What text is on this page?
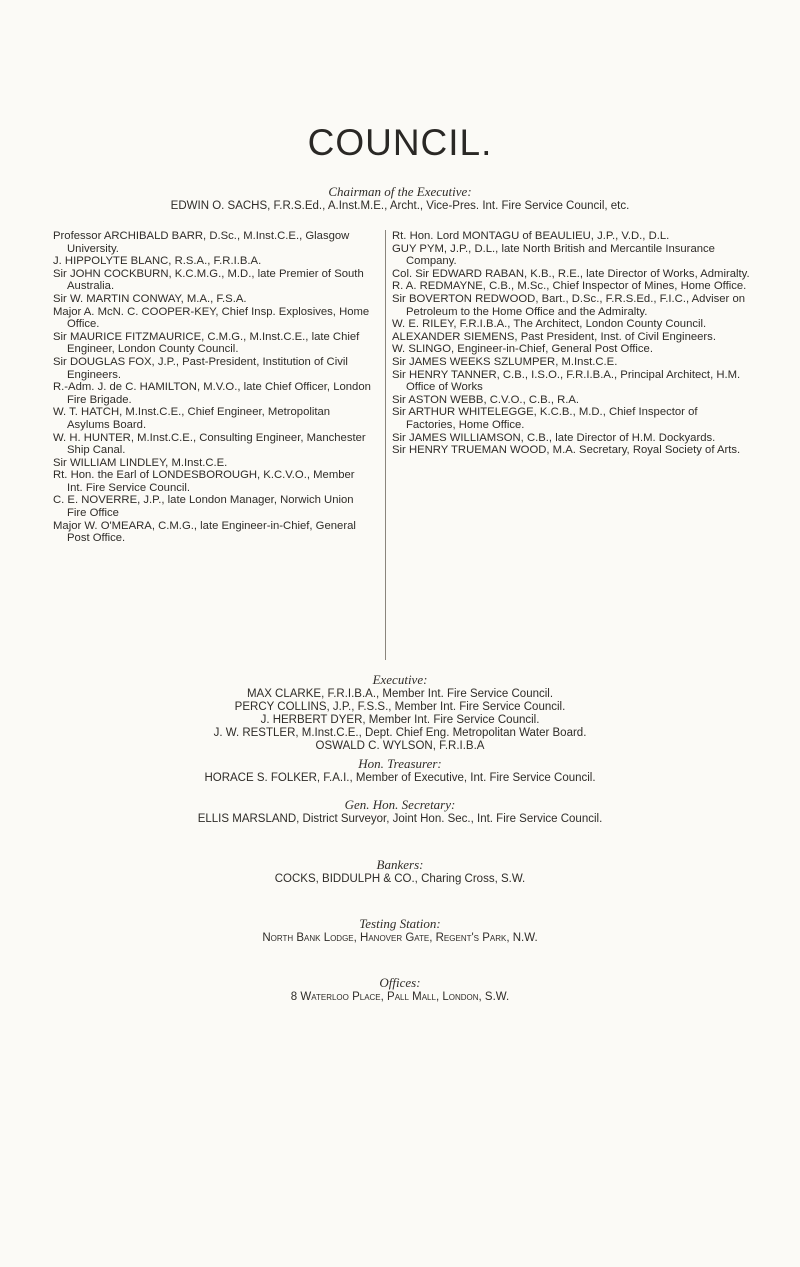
COUNCIL.
Chairman of the Executive:
EDWIN O. SACHS, F.R.S.Ed., A.Inst.M.E., Archt., Vice-Pres. Int. Fire Service Council, etc.

Professor ARCHIBALD BARR, D.Sc., M.Inst.C.E., Glasgow University.

J. HIPPOLYTE BLANC, R.S.A., F.R.I.B.A.

Sir JOHN COCKBURN, K.C.M.G., M.D., late Premier of South Australia.

Sir W. MARTIN CONWAY, M.A., F.S.A.

Major A. McN. C. COOPER-KEY, Chief Insp. Explosives, Home Office.

Sir MAURICE FITZMAURICE, C.M.G., M.Inst.C.E., late Chief Engineer, London County Council.

Sir DOUGLAS FOX, J.P., Past-President, Institution of Civil Engineers.

R.-Adm. J. de C. HAMILTON, M.V.O., late Chief Officer, London Fire Brigade.

W. T. HATCH, M.Inst.C.E., Chief Engineer, Metropolitan Asylums Board.

W. H. HUNTER, M.Inst.C.E., Consulting Engineer, Manchester Ship Canal.

Sir WILLIAM LINDLEY, M.Inst.C.E.

Rt. Hon. the Earl of LONDESBOROUGH, K.C.V.O., Member Int. Fire Service Council.

C. E. NOVERRE, J.P., late London Manager, Norwich Union Fire Office

Major W. O'MEARA, C.M.G., late Engineer-in-Chief, General Post Office.

Rt. Hon. Lord MONTAGU of BEAULIEU, J.P., V.D., D.L.

GUY PYM, J.P., D.L., late North British and Mercantile Insurance Company.

Col. Sir EDWARD RABAN, K.B., R.E., late Director of Works, Admiralty.

R. A. REDMAYNE, C.B., M.Sc., Chief Inspector of Mines, Home Office.

Sir BOVERTON REDWOOD, Bart., D.Sc., F.R.S.Ed., F.I.C., Adviser on Petroleum to the Home Office and the Admiralty.

W. E. RILEY, F.R.I.B.A., The Architect, London County Council.

ALEXANDER SIEMENS, Past President, Inst. of Civil Engineers.

W. SLINGO, Engineer-in-Chief, General Post Office.

Sir JAMES WEEKS SZLUMPER, M.Inst.C.E.

Sir HENRY TANNER, C.B., I.S.O., F.R.I.B.A., Principal Architect, H.M. Office of Works

Sir ASTON WEBB, C.V.O., C.B., R.A.

Sir ARTHUR WHITELEGGE, K.C.B., M.D., Chief Inspector of Factories, Home Office.

Sir JAMES WILLIAMSON, C.B., late Director of H.M. Dockyards.

Sir HENRY TRUEMAN WOOD, M.A. Secretary, Royal Society of Arts.

Executive:
MAX CLARKE, F.R.I.B.A., Member Int. Fire Service Council.
PERCY COLLINS, J.P., F.S.S., Member Int. Fire Service Council.
J. HERBERT DYER, Member Int. Fire Service Council.
J. W. RESTLER, M.Inst.C.E., Dept. Chief Eng. Metropolitan Water Board.
OSWALD C. WYLSON, F.R.I.B.A
Hon. Treasurer:
HORACE S. FOLKER, F.A.I., Member of Executive, Int. Fire Service Council.
Gen. Hon. Secretary:
ELLIS MARSLAND, District Surveyor, Joint Hon. Sec., Int. Fire Service Council.
Bankers:
COCKS, BIDDULPH & CO., Charing Cross, S.W.
Testing Station:
North Bank Lodge, Hanover Gate, Regent's Park, N.W.
Offices:
8 Waterloo Place, Pall Mall, London, S.W.
